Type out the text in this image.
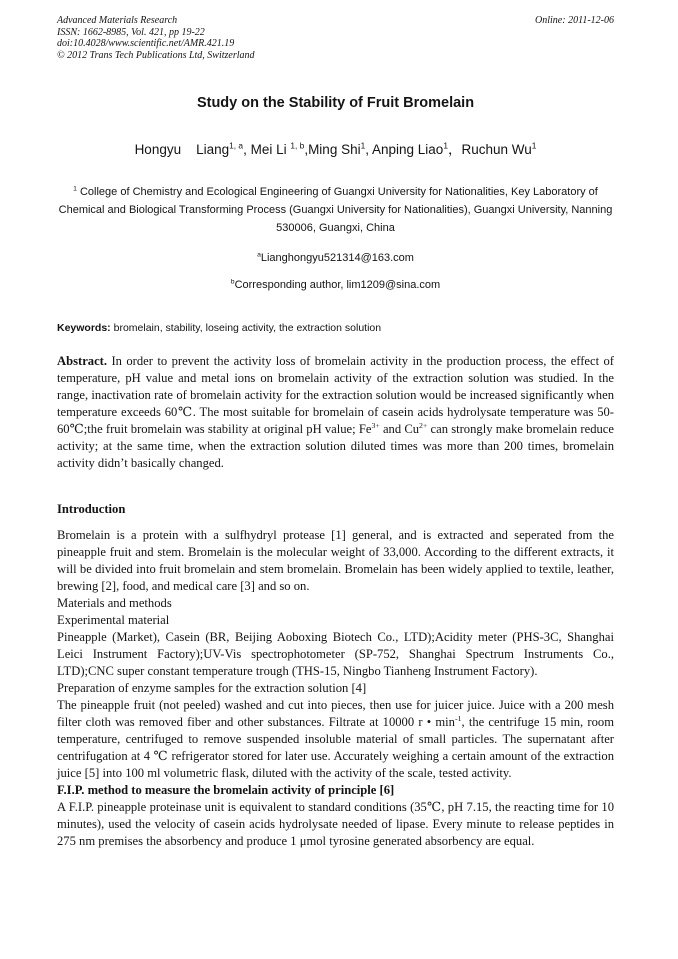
Advanced Materials Research
ISSN: 1662-8985, Vol. 421, pp 19-22
doi:10.4028/www.scientific.net/AMR.421.19
© 2012 Trans Tech Publications Ltd, Switzerland
Online: 2011-12-06
Study on the Stability of Fruit Bromelain
Hongyu    Liang$^{1, a}$, Mei Li $^{1, b}$,Ming Shi$^1$, Anping Liao$^1$，Ruchun Wu$^1$
$^1$ College of Chemistry and Ecological Engineering of Guangxi University for Nationalities, Key Laboratory of Chemical and Biological Transforming Process (Guangxi University for Nationalities), Guangxi University, Nanning 530006, Guangxi, China
$^a$Lianghongyu521314@163.com
$^b$Corresponding author, lim1209@sina.com
Keywords: bromelain, stability, loseing activity, the extraction solution

Abstract. In order to prevent the activity loss of bromelain activity in the production process, the effect of temperature, pH value and metal ions on bromelain activity of the extraction solution was studied. In the range, inactivation rate of bromelain activity for the extraction solution would be increased significantly when temperature exceeds 60℃. The most suitable for bromelain of casein acids hydrolysate temperature was 50-60℃;the fruit bromelain was stability at original pH value; $Fe^{3+}$ and $Cu^{2+}$ can strongly make bromelain reduce activity; at the same time, when the extraction solution diluted times was more than 200 times, bromelain activity didn’t basically changed.

Introduction

Bromelain is a protein with a sulfhydryl protease [1] general, and is extracted and seperated from the pineapple fruit and stem. Bromelain is the molecular weight of 33,000. According to the different extracts, it will be divided into fruit bromelain and stem bromelain. Bromelain has been widely applied to textile, leather, brewing [2], food, and medical care [3] and so on.

Materials and methods
Experimental material

Pineapple (Market), Casein (BR, Beijing Aoboxing Biotech Co., LTD);Acidity meter (PHS-3C, Shanghai Leici Instrument Factory);UV-Vis spectrophotometer (SP-752, Shanghai Spectrum Instruments Co., LTD);CNC super constant temperature trough (THS-15, Ningbo Tianheng Instrument Factory).

Preparation of enzyme samples for the extraction solution [4]

The pineapple fruit (not peeled) washed and cut into pieces, then use for juicer juice. Juice with a 200 mesh filter cloth was removed fiber and other substances. Filtrate at 10000 r • $\min^{-1}$, the centrifuge 15 min, room temperature, centrifuged to remove suspended insoluble material of small particles. The supernatant after centrifugation at 4 ℃ refrigerator stored for later use. Accurately weighing a certain amount of the extraction juice [5] into 100 ml volumetric flask, diluted with the activity of the scale, tested activity.

F.I.P. method to measure the bromelain activity of principle [6]

A F.I.P. pineapple proteinase unit is equivalent to standard conditions (35℃, pH 7.15, the reacting time for 10 minutes), used the velocity of casein acids hydrolysate needed of lipase. Every minute to release peptides in 275 nm premises the absorbency and produce 1 μmol tyrosine generated absorbency are equal.
